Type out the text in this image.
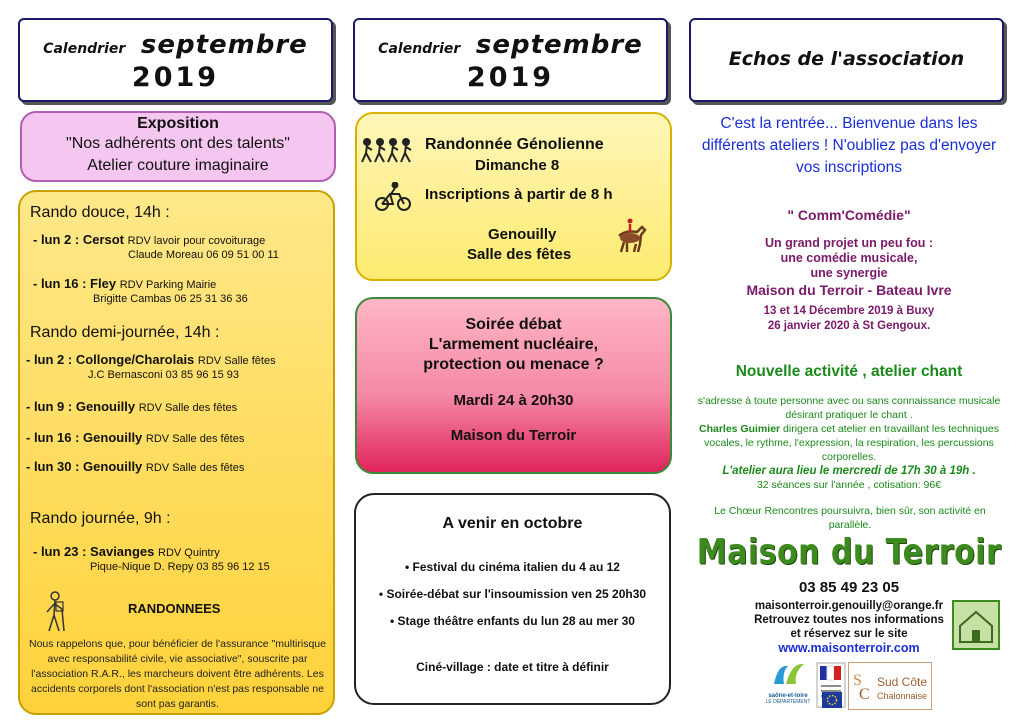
Calendrier septembre
2019
Exposition
"Nos adhérents ont des talents"
Atelier couture imaginaire
Rando douce, 14h :
- lun 2 : Cersot RDV lavoir pour covoiturage
Claude Moreau 06 09 51 00 11
- lun 16 : Fley RDV Parking Mairie
Brigitte Cambas 06 25 31 36 36
Rando demi-journée, 14h :
- lun 2 : Collonge/Charolais RDV Salle fêtes
J.C Bernasconi 03 85 96 15 93
- lun 9 : Genouilly RDV Salle des fêtes
- lun 16 : Genouilly RDV Salle des fêtes
- lun 30 : Genouilly RDV Salle des fêtes
Rando journée, 9h :
- lun 23 : Savianges RDV Quintry
Pique-Nique D. Repy 03 85 96 12 15
RANDONNEES
Nous rappelons que, pour bénéficier de l'assurance "multirisque avec responsabilité civile, vie associative", souscrite par l'association R.A.R., les marcheurs doivent être adhérents. Les accidents corporels dont l'association n'est pas responsable ne sont pas garantis.
Calendrier septembre
2019
Randonnée Génolienne
Dimanche 8
Inscriptions à partir de 8 h
Genouilly
Salle des fêtes
Soirée débat
L'armement nucléaire,
protection ou menace ?
Mardi 24 à 20h30
Maison du Terroir
A venir en octobre
• Festival du cinéma italien du 4 au 12
• Soirée-débat sur l'insoumission ven 25 20h30
• Stage théâtre enfants du lun 28 au mer 30
Ciné-village : date et titre à définir
Echos de l'association
C'est la rentrée... Bienvenue dans les différents ateliers ! N'oubliez pas d'envoyer vos inscriptions
" Comm'Comédie"
Un grand projet un peu fou :
une comédie musicale,
une synergie
Maison du Terroir - Bateau Ivre
13 et 14 Décembre 2019 à Buxy
26 janvier 2020 à St Gengoux.
Nouvelle activité , atelier chant
s'adresse à toute personne avec ou sans connaissance musicale désirant pratiquer le chant .
Charles Guimier dirigera cet atelier en travaillant les techniques vocales, le rythme, l'expression, la respiration, les percussions corporelles.
L'atelier aura lieu le mercredi de 17h 30 à 19h .
32 séances sur l'année , cotisation: 96€
Le Chœur Rencontres poursuivra, bien sûr, son activité en parallèle.
Maison du Terroir
03 85 49 23 05
maisonterroir.genouilly@orange.fr
Retrouvez toutes nos informations
et réservez sur le site
www.maisonterroir.com
saône-et-loire
LE DÉPARTEMENT
S
C
Sud Côte
Chalonnaise
